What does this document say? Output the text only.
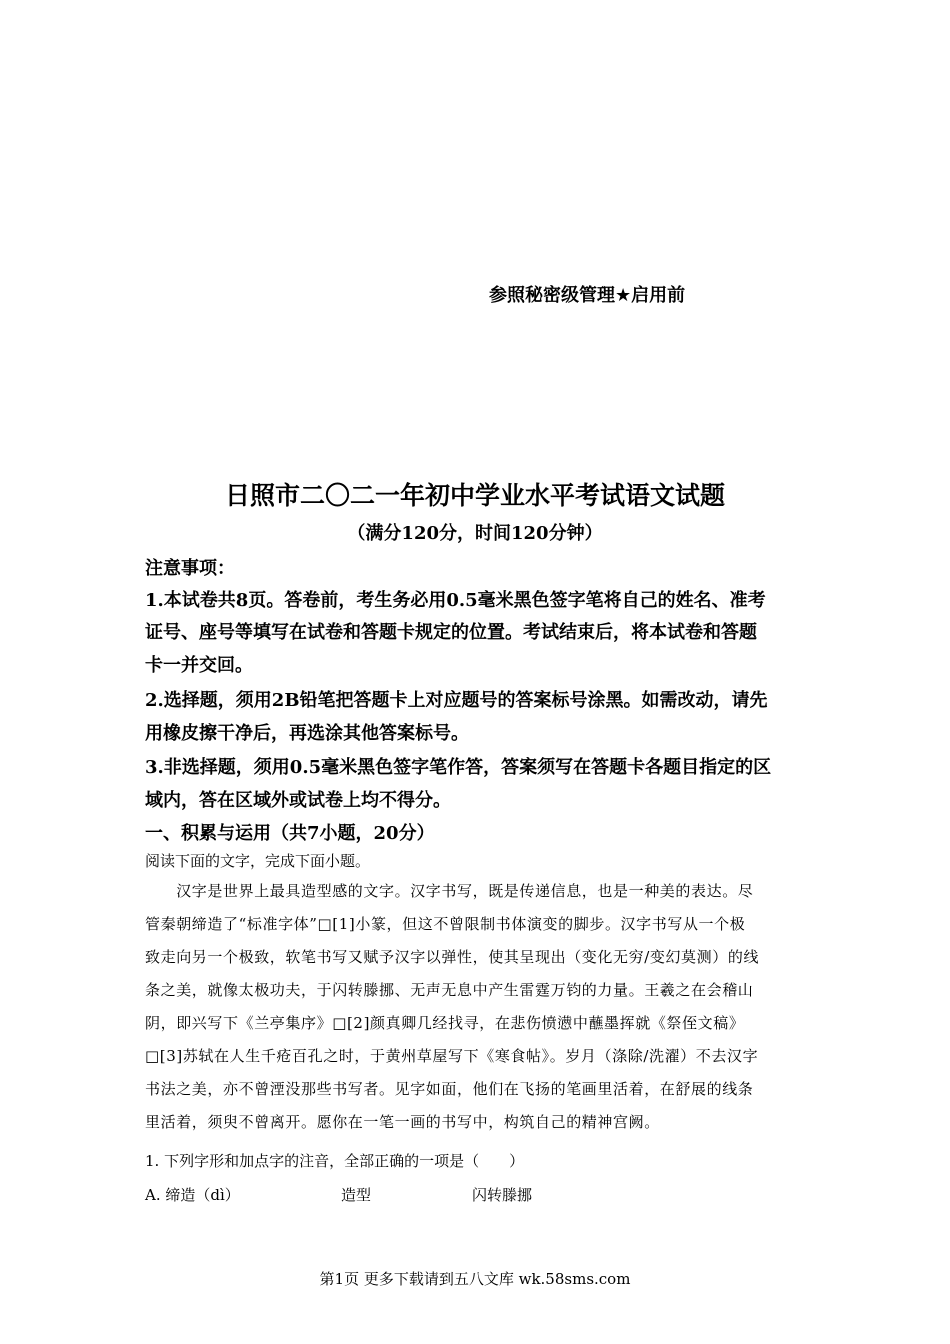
参照秘密级管理★启用前
日照市二〇二一年初中学业水平考试语文试题
（满分120分，时间120分钟）
注意事项：
1.本试卷共8页。答卷前，考生务必用0.5毫米黑色签字笔将自己的姓名、准考
证号、座号等填写在试卷和答题卡规定的位置。考试结束后，将本试卷和答题
卡一并交回。
2.选择题，须用2B铅笔把答题卡上对应题号的答案标号涂黑。如需改动，请先
用橡皮擦干净后，再选涂其他答案标号。
3.非选择题，须用0.5毫米黑色签字笔作答，答案须写在答题卡各题目指定的区
域内，答在区域外或试卷上均不得分。
一、积累与运用（共7小题，20分）
阅读下面的文字，完成下面小题。
　　汉字是世界上最具造型感的文字。汉字书写，既是传递信息，也是一种美的表达。尽
管秦朝缔造了“标准字体”□[1]小篆，但这不曾限制书体演变的脚步。汉字书写从一个极
致走向另一个极致，软笔书写又赋予汉字以弹性，使其呈现出（变化无穷/变幻莫测）的线
条之美，就像太极功夫，于闪转滕挪、无声无息中产生雷霆万钧的力量。王羲之在会稽山
阴，即兴写下《兰亭集序》□[2]颜真卿几经找寻，在悲伤愤懑中蘸墨挥就《祭侄文稿》
□[3]苏轼在人生千疮百孔之时，于黄州草屋写下《寒食帖》。岁月（涤除/洗濯）不去汉字
书法之美，亦不曾湮没那些书写者。见字如面，他们在飞扬的笔画里活着，在舒展的线条
里活着，须臾不曾离开。愿你在一笔一画的书写中，构筑自己的精神宫阙。
1. 下列字形和加点字的注音，全部正确的一项是（　　）
A. 缔造（dì）	造型	闪转滕挪
第1页 更多下载请到五八文库 wk.58sms.com
